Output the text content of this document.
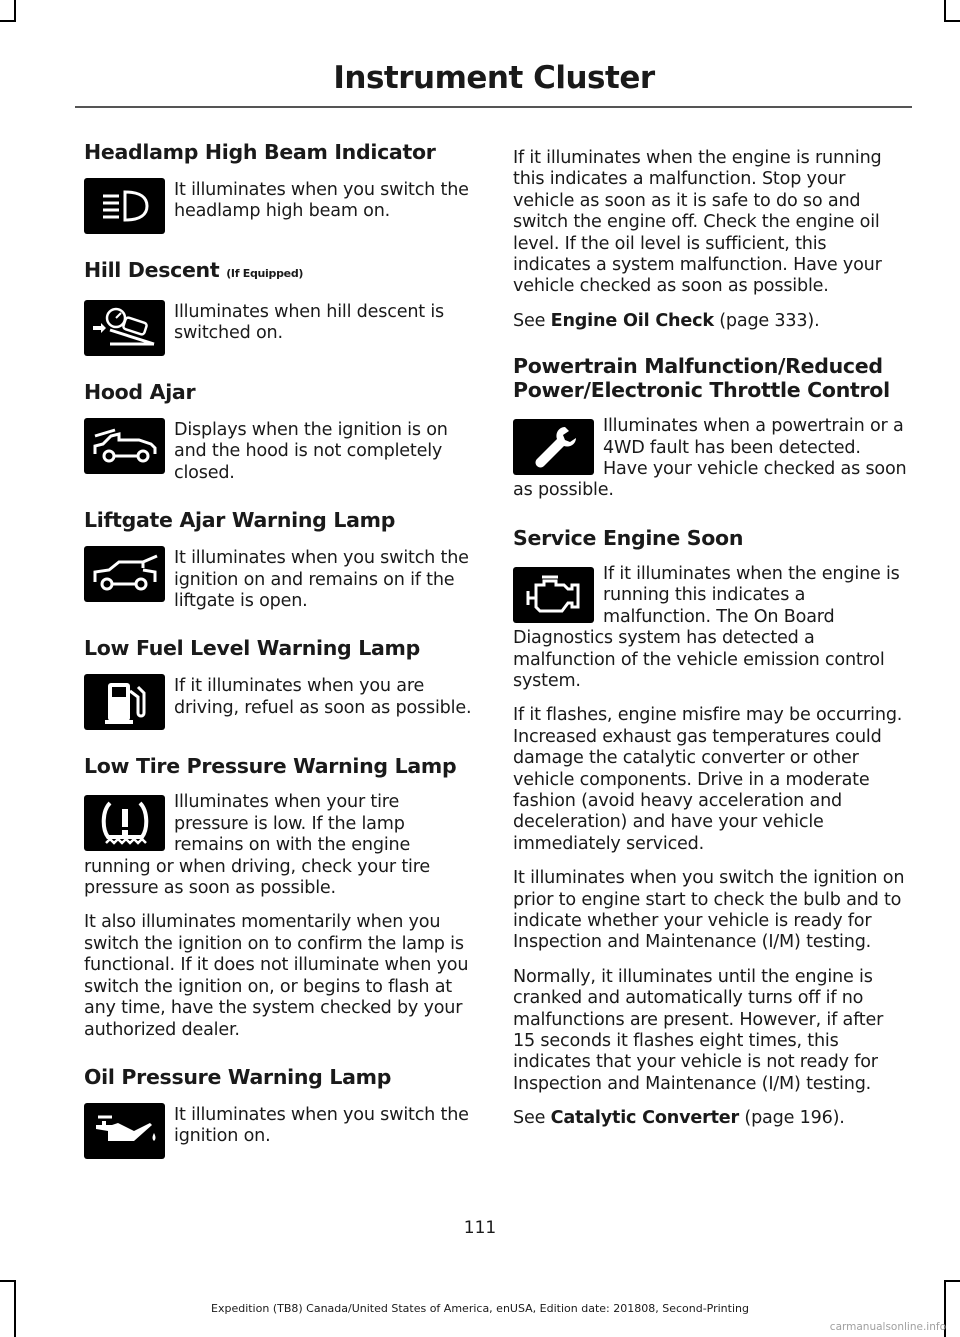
Instrument Cluster
Headlamp High Beam Indicator
It illuminates when you switch the headlamp high beam on.
Hill Descent (If Equipped)
Illuminates when hill descent is switched on.
Hood Ajar
Displays when the ignition is on and the hood is not completely closed.
Liftgate Ajar Warning Lamp
It illuminates when you switch the ignition on and remains on if the liftgate is open.
Low Fuel Level Warning Lamp
If it illuminates when you are driving, refuel as soon as possible.
Low Tire Pressure Warning Lamp

Illuminates when your tire pressure is low. If the lamp remains on with the engine running or when driving, check your tire pressure as soon as possible.

It also illuminates momentarily when you switch the ignition on to confirm the lamp is functional. If it does not illuminate when you switch the ignition on, or begins to flash at any time, have the system checked by your authorized dealer.

Oil Pressure Warning Lamp
It illuminates when you switch the ignition on.

If it illuminates when the engine is running this indicates a malfunction. Stop your vehicle as soon as it is safe to do so and switch the engine off. Check the engine oil level. If the oil level is sufficient, this indicates a system malfunction. Have your vehicle checked as soon as possible.

See Engine Oil Check (page 333).

Powertrain Malfunction/Reduced Power/Electronic Throttle Control

Illuminates when a powertrain or a 4WD fault has been detected. Have your vehicle checked as soon as possible.

Service Engine Soon

If it illuminates when the engine is running this indicates a malfunction. The On Board Diagnostics system has detected a malfunction of the vehicle emission control system.

If it flashes, engine misfire may be occurring. Increased exhaust gas temperatures could damage the catalytic converter or other vehicle components. Drive in a moderate fashion (avoid heavy acceleration and deceleration) and have your vehicle immediately serviced.

It illuminates when you switch the ignition on prior to engine start to check the bulb and to indicate whether your vehicle is ready for Inspection and Maintenance (I/M) testing.

Normally, it illuminates until the engine is cranked and automatically turns off if no malfunctions are present. However, if after 15 seconds it flashes eight times, this indicates that your vehicle is not ready for Inspection and Maintenance (I/M) testing.

See Catalytic Converter (page 196).

111
Expedition (TB8) Canada/United States of America, enUSA, Edition date: 201808, Second-Printing
carmanualsonline.info
